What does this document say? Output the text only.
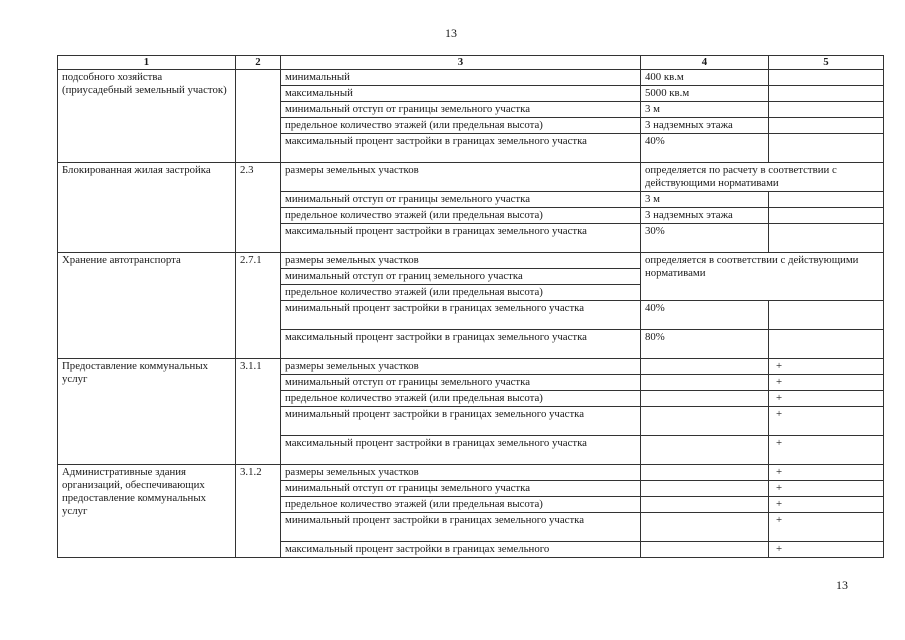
13
1	2	3	4	5
подсобного хозяйства (приусадебный земельный участок)		минимальный	400 кв.м	
		максимальный	5000 кв.м	
		минимальный отступ от границы земельного участка	3 м	
		предельное количество этажей (или предельная высота)	3 надземных этажа	
		максимальный процент застройки в границах земельного участка	40%	
Блокированная жилая застройка	2.3	размеры земельных участков	определяется по расчету в соответствии с действующими нормативами	
		минимальный отступ от границы земельного участка	3 м	
		предельное количество этажей (или предельная высота)	3 надземных этажа	
		максимальный процент застройки в границах земельного участка	30%	
Хранение автотранспорта	2.7.1	размеры земельных участков	определяется в соответствии с действующими нормативами	
		минимальный отступ от границ земельного участка		
		предельное количество этажей (или предельная высота)		
		минимальный процент застройки в границах земельного участка	40%	
		максимальный процент застройки в границах земельного участка	80%	
Предоставление коммунальных услуг	3.1.1	размеры земельных участков		+
		минимальный отступ от границы земельного участка		+
		предельное количество этажей (или предельная высота)		+
		минимальный процент застройки в границах земельного участка		+
		максимальный процент застройки в границах земельного участка		+
Административные здания организаций, обеспечивающих предоставление коммунальных услуг	3.1.2	размеры земельных участков		+
		минимальный отступ от границы земельного участка		+
		предельное количество этажей (или предельная высота)		+
		минимальный процент застройки в границах земельного участка		+
		максимальный процент застройки в границах земельного		+
13
